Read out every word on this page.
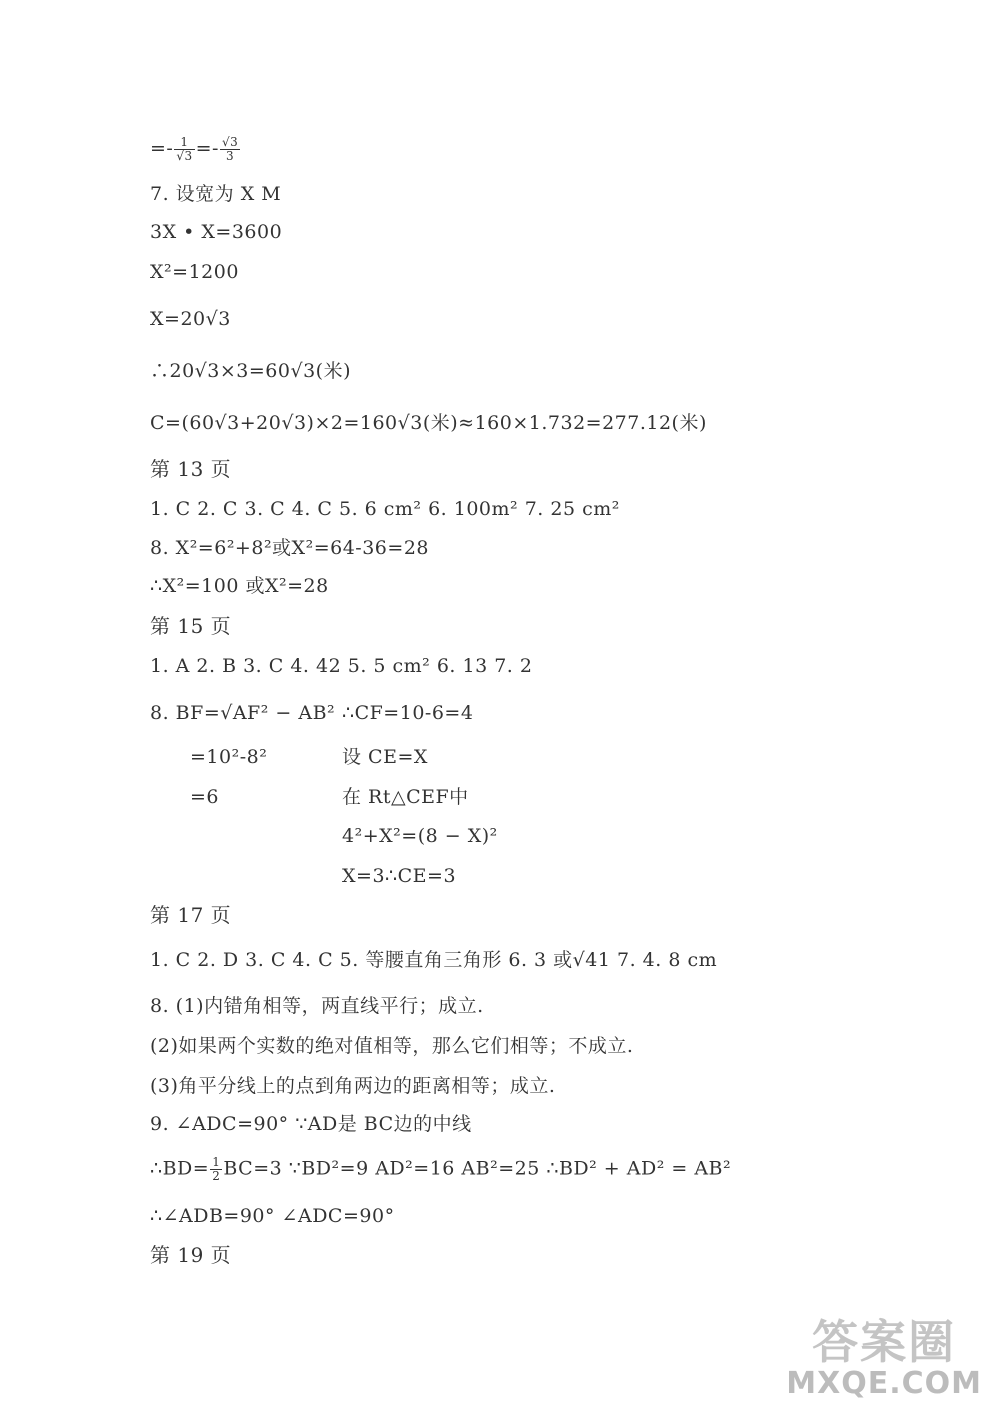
=- $\frac{1}{√3} =- \frac{√3}{3}$
7. 设宽为 X M
3X • X=3600
X²=1200
X=20√3
∴20√3×3=60√3(米)
C=(60√3+20√3)×2=160√3(米)≈160×1.732=277.12(米)
第 13 页
1. C 2. C 3. C 4. C 5. 6 cm² 6. 100m² 7. 25 cm²
8. X²=6²+8²或X²=64-36=28
∴X²=100 或X²=28
第 15 页
1. A 2. B 3. C 4. 42 5. 5 cm² 6. 13 7. 2
8. BF=√AF² − AB² ∴CF=10-6=4
=10²-8²	设 CE=X
=6	在 Rt△CEF中
4²+X²=(8 − X)²
X=3∴CE=3
第 17 页
1. C 2. D 3. C 4. C 5. 等腰直角三角形 6. 3 或√41 7. 4. 8 cm
8. (1)内错角相等，两直线平行；成立.
(2)如果两个实数的绝对值相等，那么它们相等；不成立.
(3)角平分线上的点到角两边的距离相等；成立.
9. ∠ADC=90° ∵AD是 BC边的中线
∴BD= $\frac{1}{2} BC=3$ ∵BD²=9 AD²=16 AB²=25 ∴BD² + AD² = AB²
∴∠ADB=90° ∠ADC=90°
第 19 页
答案圈
MXQE.COM
